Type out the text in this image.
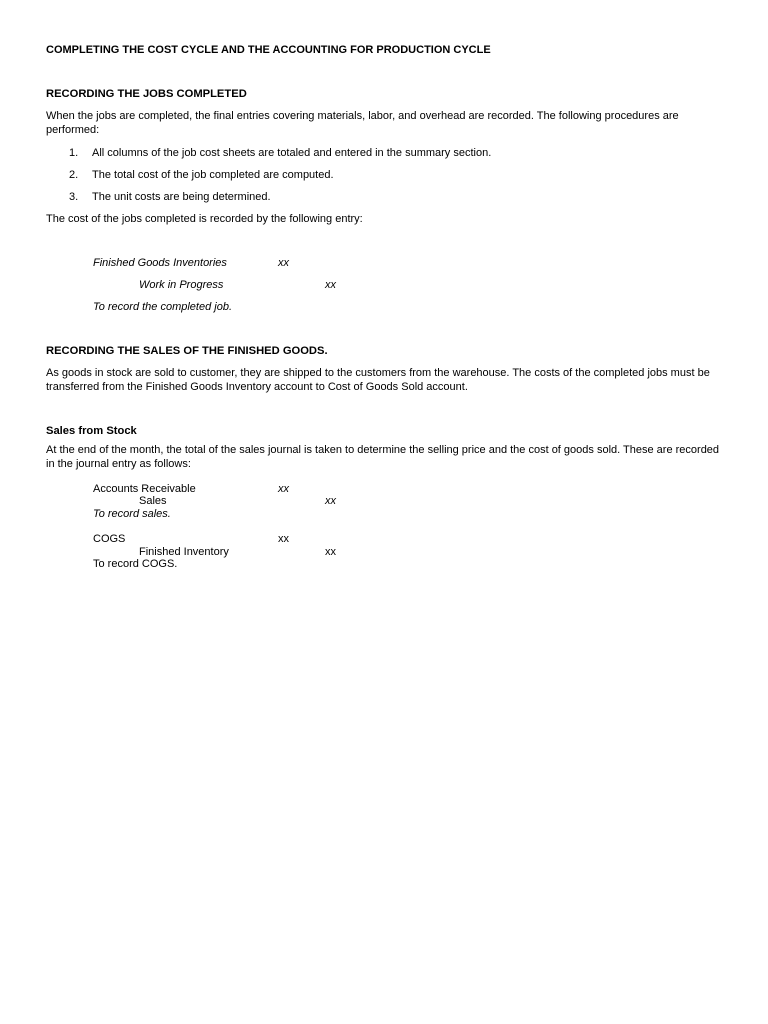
COMPLETING THE COST CYCLE AND THE ACCOUNTING FOR PRODUCTION CYCLE
RECORDING THE JOBS COMPLETED
When the jobs are completed, the final entries covering materials, labor, and overhead are recorded. The following procedures are performed:
1. All columns of the job cost sheets are totaled and entered in the summary section.
2. The total cost of the job completed are computed.
3. The unit costs are being determined.
The cost of the jobs completed is recorded by the following entry:
Finished Goods Inventories	xx
Work in Progress	xx
To record the completed job.
RECORDING THE SALES OF THE FINISHED GOODS.
As goods in stock are sold to customer, they are shipped to the customers from the warehouse. The costs of the completed jobs must be transferred from the Finished Goods Inventory account to Cost of Goods Sold account.
Sales from Stock
At the end of the month, the total of the sales journal is taken to determine the selling price and the cost of goods sold. These are recorded in the journal entry as follows:
Accounts Receivable	xx
Sales	xx
To record sales.
COGS	xx
Finished Inventory	xx
To record COGS.
